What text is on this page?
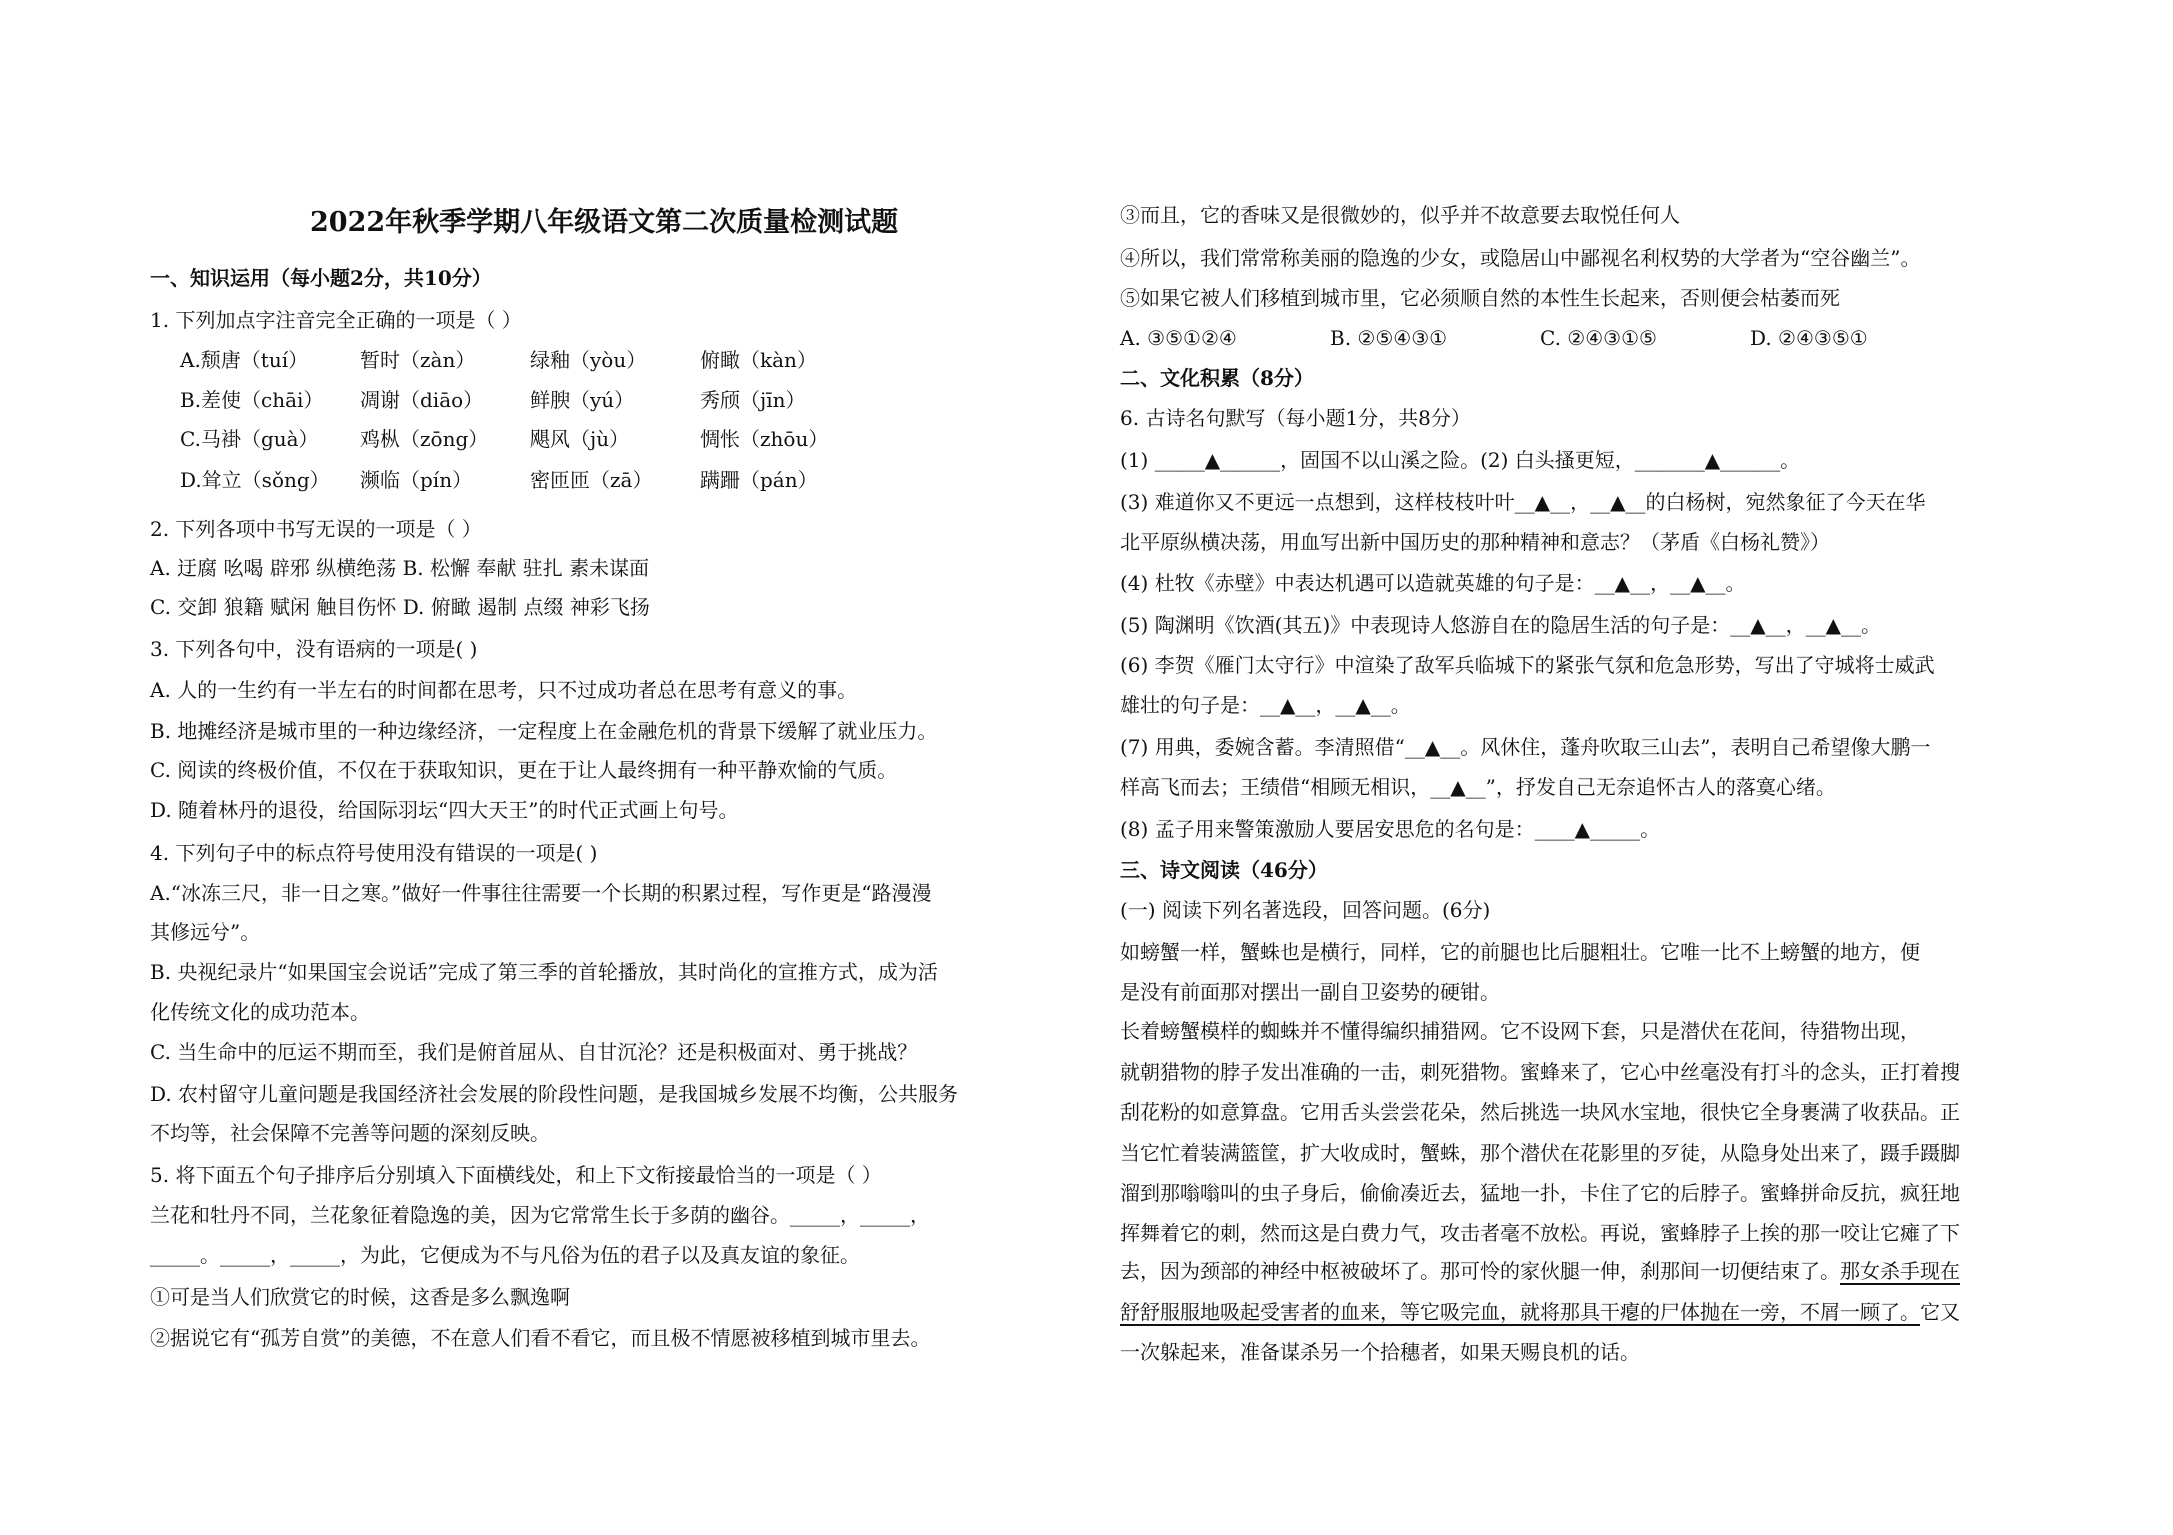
一、知识运用（每小题2分，共10分）
1. 下列加点字注音完全正确的一项是（ ）
A.颓唐（tuí）	暂时（zàn）	绿釉（yòu）	俯瞰（kàn）
B.差使（chāi） 凋谢（diāo） 鲜腴（yú）	秀颀（jīn）
C.马褂（guà） 鸡枞（zōng） 飓风（jù）	惆怅（zhōu）
D.耸立（sǒng） 濒临（pín）	密匝匝（zā） 蹒跚（pán）
2. 下列各项中书写无误的一项是（ ）
A. 迂腐 吆喝 辟邪 纵横绝荡 B. 松懈 奉献 驻扎 素未谋面
C. 交卸 狼籍 赋闲 触目伤怀 D. 俯瞰 遏制 点缀 神彩飞扬
3. 下列各句中，没有语病的一项是( )
A. 人的一生约有一半左右的时间都在思考，只不过成功者总在思考有意义的事。
B. 地摊经济是城市里的一种边缘经济，一定程度上在金融危机的背景下缓解了就业压力。
C. 阅读的终极价值，不仅在于获取知识，更在于让人最终拥有一种平静欢愉的气质。
D. 随着林丹的退役，给国际羽坛“四大天王”的时代正式画上句号。
4. 下列句子中的标点符号使用没有错误的一项是( )
A.“冰冻三尺，非一日之寒。”做好一件事往往需要一个长期的积累过程，写作更是“路漫漫
其修远兮”。
B. 央视纪录片“如果国宝会说话”完成了第三季的首轮播放，其时尚化的宣推方式，成为活
化传统文化的成功范本。
C. 当生命中的厄运不期而至，我们是俯首屈从、自甘沉沦？还是积极面对、勇于挑战？
D. 农村留守儿童问题是我国经济社会发展的阶段性问题，是我国城乡发展不均衡，公共服务
不均等，社会保障不完善等问题的深刻反映。
5. 将下面五个句子排序后分别填入下面横线处，和上下文衔接最恰当的一项是（ ）
兰花和牡丹不同，兰花象征着隐逸的美，因为它常常生长于多荫的幽谷。_____，_____，
_____。_____，_____，为此，它便成为不与凡俗为伍的君子以及真友谊的象征。
①可是当人们欣赏它的时候，这香是多么飘逸啊
②据说它有“孤芳自赏”的美德，不在意人们看不看它，而且极不情愿被移植到城市里去。
③而且，它的香味又是很微妙的，似乎并不故意要去取悦任何人
④所以，我们常常称美丽的隐逸的少女，或隐居山中鄙视名利权势的大学者为“空谷幽兰”。
⑤如果它被人们移植到城市里，它必须顺自然的本性生长起来，否则便会枯萎而死
A. ③⑤①②④	B. ②⑤④③①	C. ②④③①⑤	D. ②④③⑤①
二、文化积累（8分）
6. 古诗名句默写（每小题1分，共8分）
(1) _____▲______，固国不以山溪之险。(2) 白头搔更短，_______▲______。
(3) 难道你又不更远一点想到，这样枝枝叶叶__▲__，__▲__的白杨树，宛然象征了今天在华
北平原纵横决荡，用血写出新中国历史的那种精神和意志？（茅盾《白杨礼赞》）
(4) 杜牧《赤壁》中表达机遇可以造就英雄的句子是：__▲__，__▲__。
(5) 陶渊明《饮酒(其五)》中表现诗人悠游自在的隐居生活的句子是：__▲__，__▲__。
(6) 李贺《雁门太守行》中渲染了敌军兵临城下的紧张气氛和危急形势，写出了守城将士威武
雄壮的句子是：__▲__，__▲__。
(7) 用典，委婉含蓄。李清照借“__▲__。风休住，蓬舟吹取三山去”，表明自己希望像大鹏一
样高飞而去；王绩借“相顾无相识，__▲__”，抒发自己无奈追怀古人的落寞心绪。
(8) 孟子用来警策激励人要居安思危的名句是：____▲_____。
三、诗文阅读（46分）
(一) 阅读下列名著选段，回答问题。(6分)
如螃蟹一样，蟹蛛也是横行，同样，它的前腿也比后腿粗壮。它唯一比不上螃蟹的地方，便
是没有前面那对摆出一副自卫姿势的硬钳。
长着螃蟹模样的蜘蛛并不懂得编织捕猎网。它不设网下套，只是潜伏在花间，待猎物出现，
就朝猎物的脖子发出准确的一击，刺死猎物。蜜蜂来了，它心中丝毫没有打斗的念头，正打着搜
刮花粉的如意算盘。它用舌头尝尝花朵，然后挑选一块风水宝地，很快它全身裹满了收获品。正
当它忙着装满篮筐，扩大收成时，蟹蛛，那个潜伏在花影里的歹徒，从隐身处出来了，蹑手蹑脚
溜到那嗡嗡叫的虫子身后，偷偷凑近去，猛地一扑，卡住了它的后脖子。蜜蜂拼命反抗，疯狂地
挥舞着它的刺，然而这是白费力气，攻击者毫不放松。再说，蜜蜂脖子上挨的那一咬让它瘫了下
去，因为颈部的神经中枢被破坏了。那可怜的家伙腿一伸，刹那间一切便结束了。那女杀手现在
舒舒服服地吸起受害者的血来，等它吸完血，就将那具干瘪的尸体抛在一旁，不屑一顾了。它又
一次躲起来，准备谋杀另一个拾穗者，如果天赐良机的话。
2022年秋季学期八年级语文第二次质量检测试题
